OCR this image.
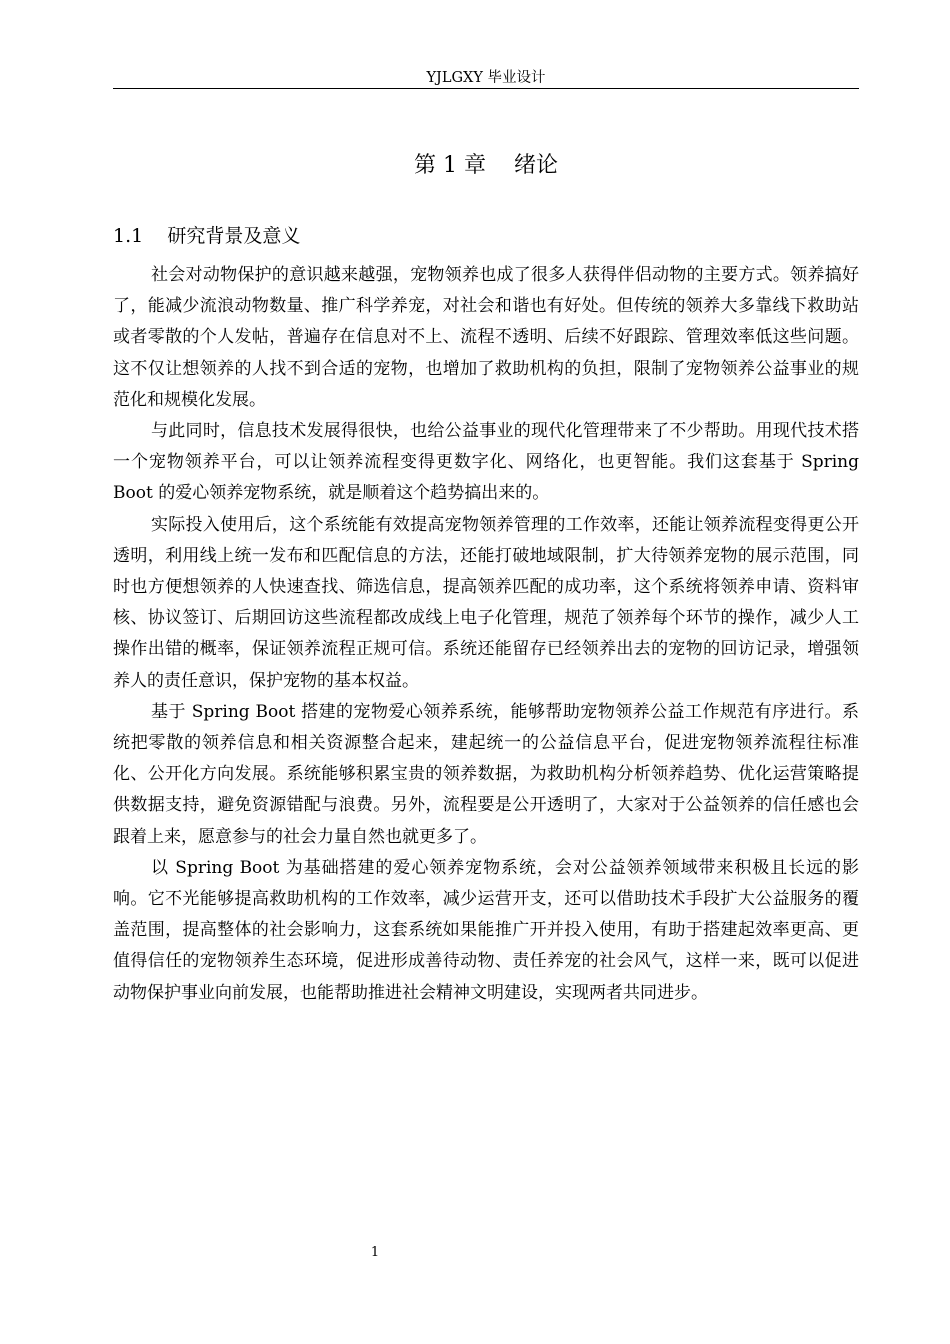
YJLGXY 毕业设计
第 1 章    绪论
1.1    研究背景及意义

社会对动物保护的意识越来越强，宠物领养也成了很多人获得伴侣动物的主要方式。领养搞好了，能减少流浪动物数量、推广科学养宠，对社会和谐也有好处。但传统的领养大多靠线下救助站或者零散的个人发帖，普遍存在信息对不上、流程不透明、后续不好跟踪、管理效率低这些问题。这不仅让想领养的人找不到合适的宠物，也增加了救助机构的负担，限制了宠物领养公益事业的规范化和规模化发展。

与此同时，信息技术发展得很快，也给公益事业的现代化管理带来了不少帮助。用现代技术搭一个宠物领养平台，可以让领养流程变得更数字化、网络化，也更智能。我们这套基于 Spring Boot 的爱心领养宠物系统，就是顺着这个趋势搞出来的。

实际投入使用后，这个系统能有效提高宠物领养管理的工作效率，还能让领养流程变得更公开透明，利用线上统一发布和匹配信息的方法，还能打破地域限制，扩大待领养宠物的展示范围，同时也方便想领养的人快速查找、筛选信息，提高领养匹配的成功率，这个系统将领养申请、资料审核、协议签订、后期回访这些流程都改成线上电子化管理，规范了领养每个环节的操作，减少人工操作出错的概率，保证领养流程正规可信。系统还能留存已经领养出去的宠物的回访记录，增强领养人的责任意识，保护宠物的基本权益。

基于 Spring Boot 搭建的宠物爱心领养系统，能够帮助宠物领养公益工作规范有序进行。系统把零散的领养信息和相关资源整合起来，建起统一的公益信息平台，促进宠物领养流程往标准化、公开化方向发展。系统能够积累宝贵的领养数据，为救助机构分析领养趋势、优化运营策略提供数据支持，避免资源错配与浪费。另外，流程要是公开透明了，大家对于公益领养的信任感也会跟着上来，愿意参与的社会力量自然也就更多了。

以 Spring Boot 为基础搭建的爱心领养宠物系统，会对公益领养领域带来积极且长远的影响。它不光能够提高救助机构的工作效率，减少运营开支，还可以借助技术手段扩大公益服务的覆盖范围，提高整体的社会影响力，这套系统如果能推广开并投入使用，有助于搭建起效率更高、更值得信任的宠物领养生态环境，促进形成善待动物、责任养宠的社会风气，这样一来，既可以促进动物保护事业向前发展，也能帮助推进社会精神文明建设，实现两者共同进步。

1
